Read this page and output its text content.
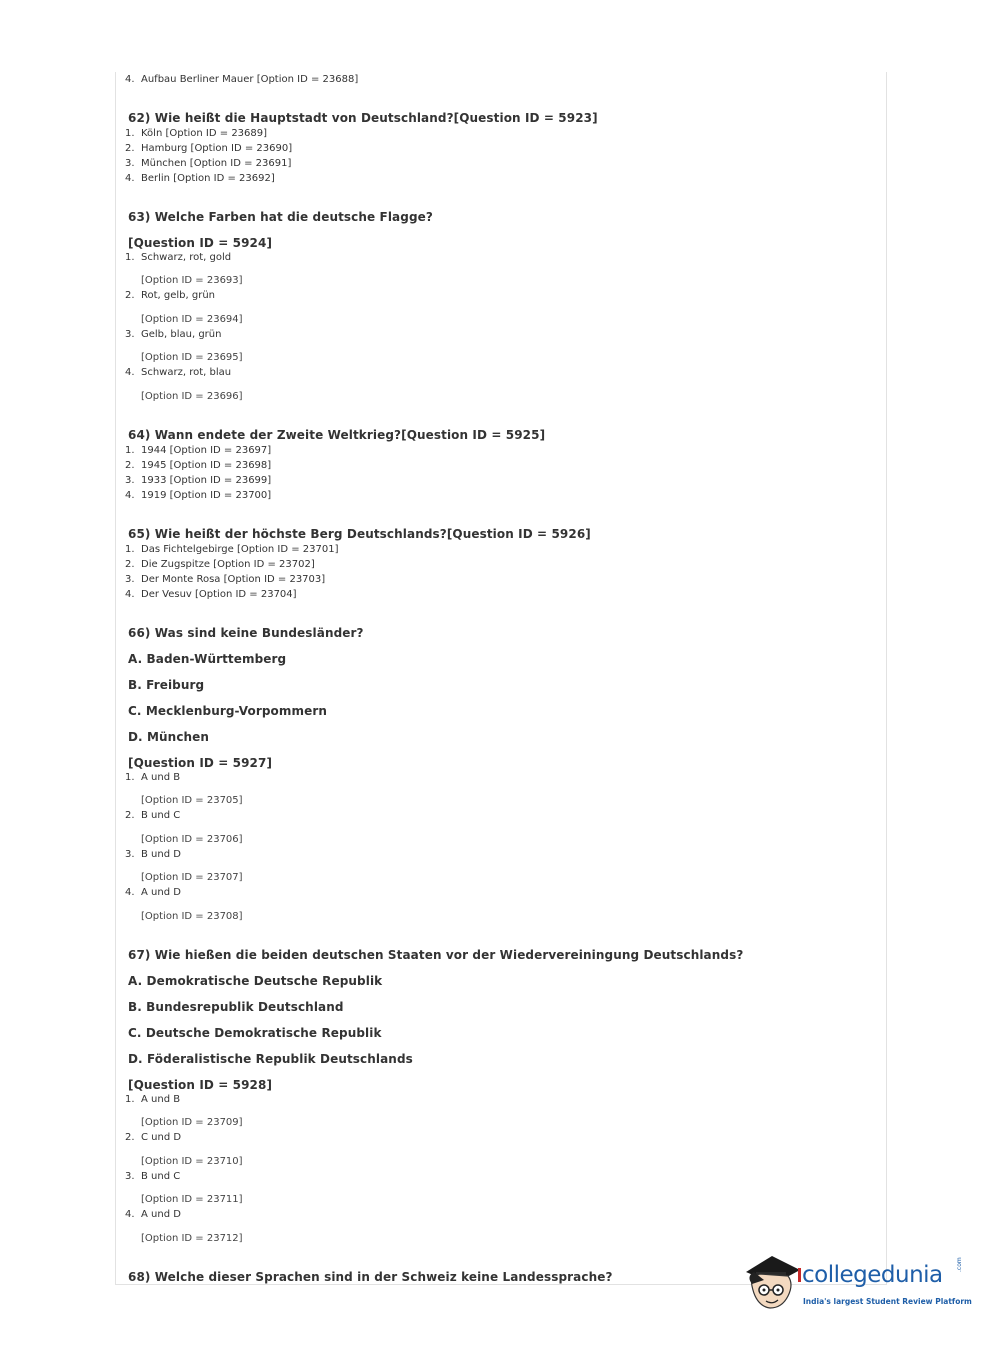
4. Aufbau Berliner Mauer [Option ID = 23688]
62) Wie heißt die Hauptstadt von Deutschland?[Question ID = 5923]
1. Köln [Option ID = 23689]
2. Hamburg [Option ID = 23690]
3. München [Option ID = 23691]
4. Berlin [Option ID = 23692]
63) Welche Farben hat die deutsche Flagge?
[Question ID = 5924]
1. Schwarz, rot, gold
[Option ID = 23693]
2. Rot, gelb, grün
[Option ID = 23694]
3. Gelb, blau, grün
[Option ID = 23695]
4. Schwarz, rot, blau
[Option ID = 23696]
64) Wann endete der Zweite Weltkrieg?[Question ID = 5925]
1. 1944 [Option ID = 23697]
2. 1945 [Option ID = 23698]
3. 1933 [Option ID = 23699]
4. 1919 [Option ID = 23700]
65) Wie heißt der höchste Berg Deutschlands?[Question ID = 5926]
1. Das Fichtelgebirge [Option ID = 23701]
2. Die Zugspitze [Option ID = 23702]
3. Der Monte Rosa [Option ID = 23703]
4. Der Vesuv [Option ID = 23704]
66) Was sind keine Bundesländer?
A. Baden-Württemberg
B. Freiburg
C. Mecklenburg-Vorpommern
D. München
[Question ID = 5927]
1. A und B
[Option ID = 23705]
2. B und C
[Option ID = 23706]
3. B und D
[Option ID = 23707]
4. A und D
[Option ID = 23708]
67) Wie hießen die beiden deutschen Staaten vor der Wiedervereiningung Deutschlands?
A. Demokratische Deutsche Republik
B. Bundesrepublik Deutschland
C. Deutsche Demokratische Republik
D. Föderalistische Republik Deutschlands
[Question ID = 5928]
1. A und B
[Option ID = 23709]
2. C und D
[Option ID = 23710]
3. B und C
[Option ID = 23711]
4. A und D
[Option ID = 23712]
68) Welche dieser Sprachen sind in der Schweiz keine Landessprache?	collegedunia .com
India's largest Student Review Platform
